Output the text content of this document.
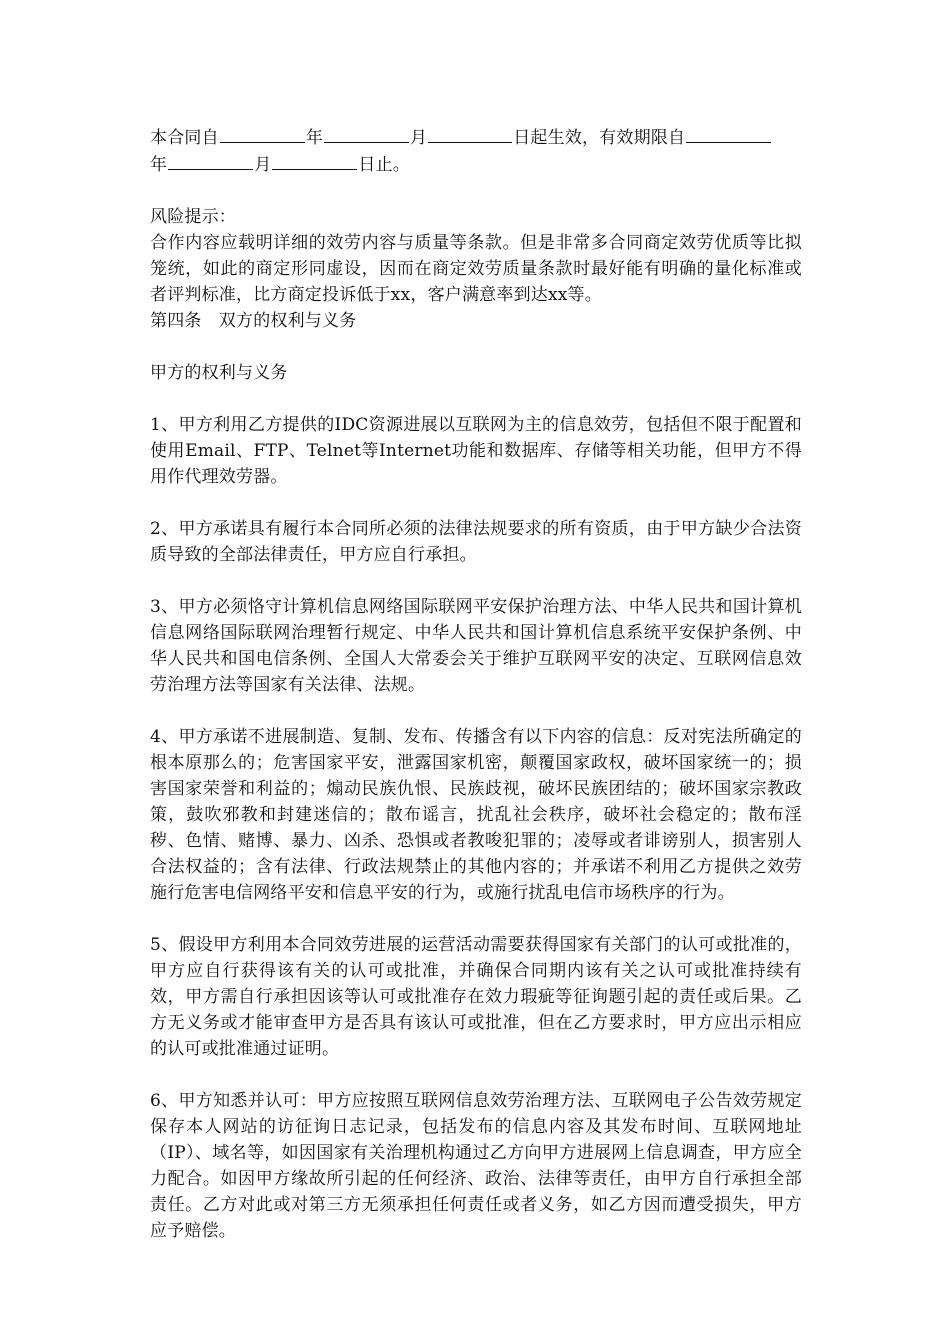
本合同自	年	月	日起生效，有效期限自
年	月	日止。

风险提示：

合作内容应载明详细的效劳内容与质量等条款。但是非常多合同商定效劳优质等比拟笼统，如此的商定形同虚设，因而在商定效劳质量条款时最好能有明确的量化标准或者评判标准，比方商定投诉低于xx，客户满意率到达xx等。

第四条　双方的权利与义务

甲方的权利与义务

1、甲方利用乙方提供的IDC资源进展以互联网为主的信息效劳，包括但不限于配置和使用Email、FTP、Telnet等Internet功能和数据库、存储等相关功能，但甲方不得用作代理效劳器。

2、甲方承诺具有履行本合同所必须的法律法规要求的所有资质，由于甲方缺少合法资质导致的全部法律责任，甲方应自行承担。

3、甲方必须恪守计算机信息网络国际联网平安保护治理方法、中华人民共和国计算机信息网络国际联网治理暂行规定、中华人民共和国计算机信息系统平安保护条例、中华人民共和国电信条例、全国人大常委会关于维护互联网平安的决定、互联网信息效劳治理方法等国家有关法律、法规。

4、甲方承诺不进展制造、复制、发布、传播含有以下内容的信息：反对宪法所确定的根本原那么的；危害国家平安，泄露国家机密，颠覆国家政权，破坏国家统一的；损害国家荣誉和利益的；煽动民族仇恨、民族歧视，破坏民族团结的；破坏国家宗教政策，鼓吹邪教和封建迷信的；散布谣言，扰乱社会秩序，破坏社会稳定的；散布淫秽、色情、赌博、暴力、凶杀、恐惧或者教唆犯罪的；凌辱或者诽谤别人，损害别人合法权益的；含有法律、行政法规禁止的其他内容的；并承诺不利用乙方提供之效劳施行危害电信网络平安和信息平安的行为，或施行扰乱电信市场秩序的行为。

5、假设甲方利用本合同效劳进展的运营活动需要获得国家有关部门的认可或批准的，甲方应自行获得该有关的认可或批准，并确保合同期内该有关之认可或批准持续有效，甲方需自行承担因该等认可或批准存在效力瑕疵等征询题引起的责任或后果。乙方无义务或才能审查甲方是否具有该认可或批准，但在乙方要求时，甲方应出示相应的认可或批准通过证明。

6、甲方知悉并认可：甲方应按照互联网信息效劳治理方法、互联网电子公告效劳规定保存本人网站的访征询日志记录，包括发布的信息内容及其发布时间、互联网地址（IP）、域名等，如因国家有关治理机构通过乙方向甲方进展网上信息调查，甲方应全力配合。如因甲方缘故所引起的任何经济、政治、法律等责任，由甲方自行承担全部责任。乙方对此或对第三方无须承担任何责任或者义务，如乙方因而遭受损失，甲方应予赔偿。
